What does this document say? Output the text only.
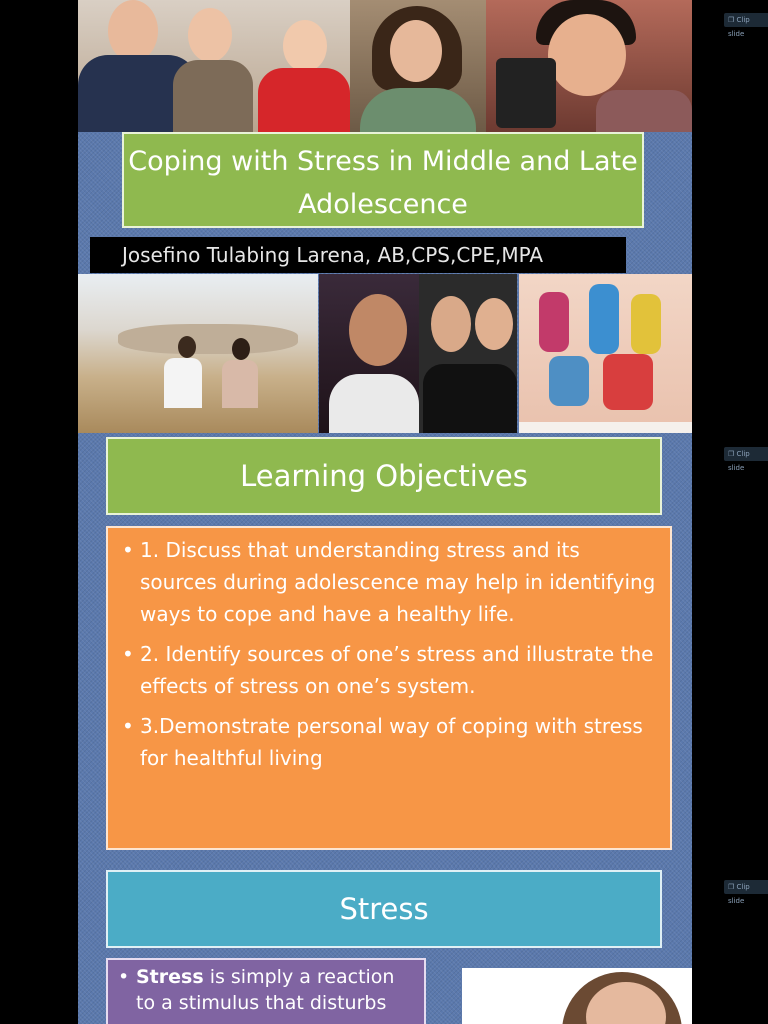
Coping with Stress in Middle and Late Adolescence
Josefino Tulabing Larena, AB,CPS,CPE,MPA
❐ Clip slide
Learning Objectives
• 1. Discuss that understanding stress and its sources during adolescence may help in identifying ways to cope and have a healthy life.
• 2. Identify sources of one’s stress and illustrate the effects of stress on one’s system.
• 3.Demonstrate personal way of coping with stress for healthful living
❐ Clip slide
Stress
• Stress is simply a reaction to a stimulus that disturbs
❐ Clip slide
